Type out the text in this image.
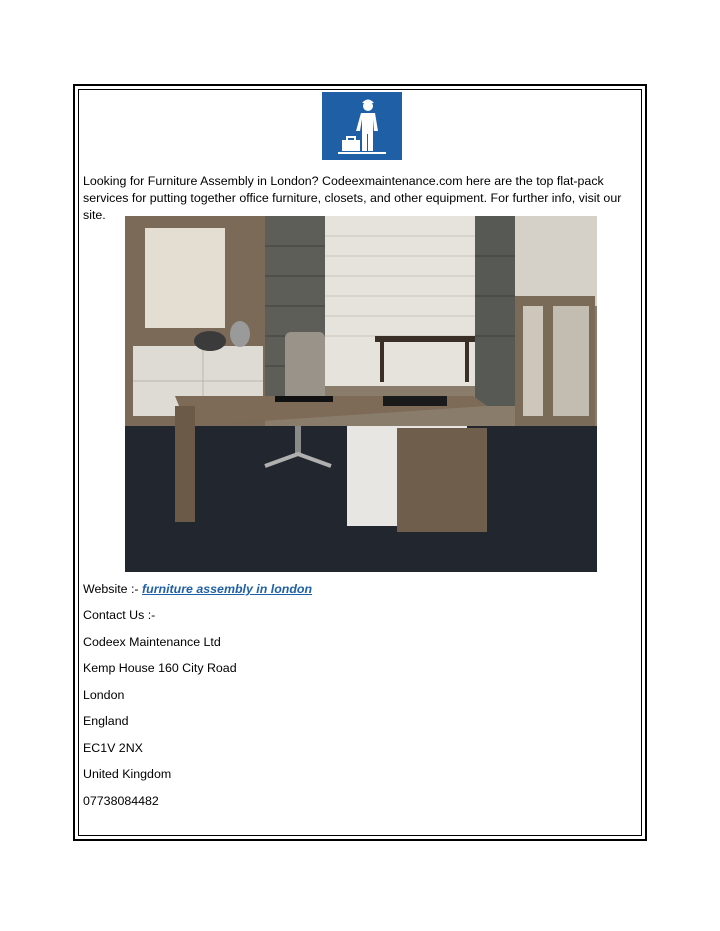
Looking for Furniture Assembly in London? Codeexmaintenance.com here are the top flat-pack services for putting together office furniture, closets, and other equipment. For further info, visit our site.

Website :- furniture assembly in london

Contact Us :-

Codeex Maintenance Ltd

Kemp House 160 City Road

London

England

EC1V 2NX

United Kingdom

07738084482
